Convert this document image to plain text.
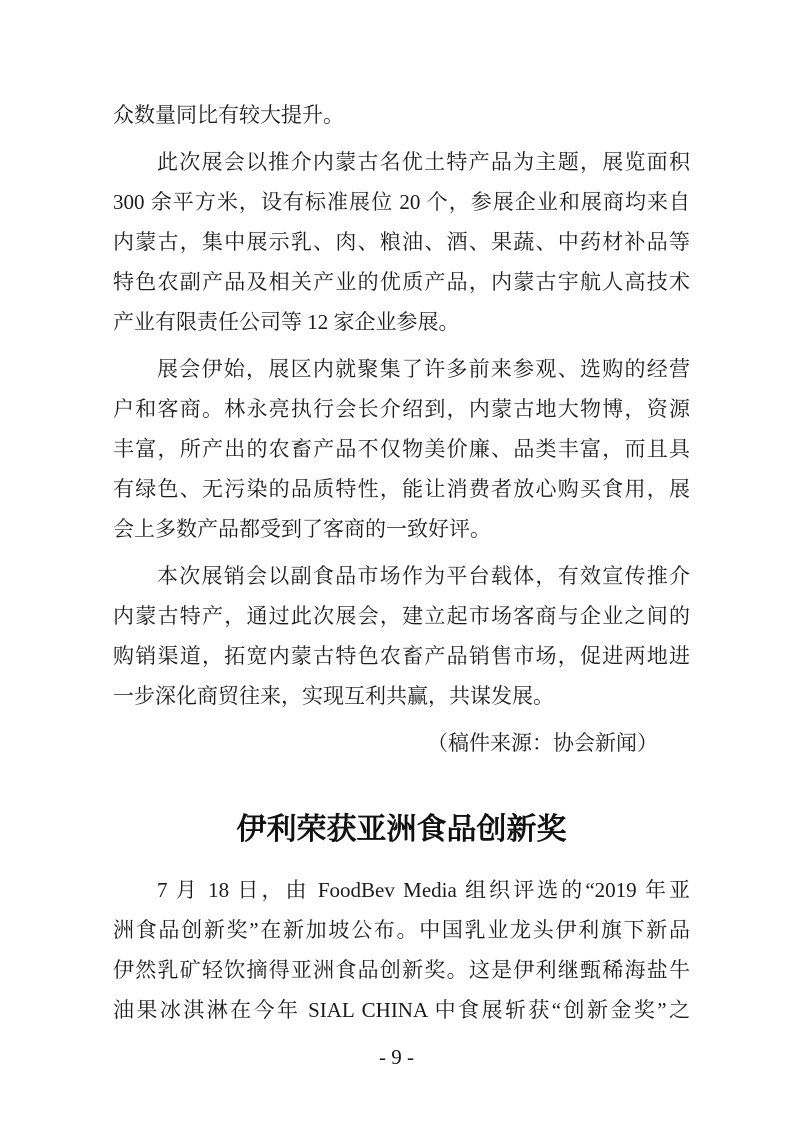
众数量同比有较大提升。
此次展会以推介内蒙古名优土特产品为主题，展览面积
300 余平方米，设有标准展位 20 个，参展企业和展商均来自
内蒙古，集中展示乳、肉、粮油、酒、果蔬、中药材补品等
特色农副产品及相关产业的优质产品，内蒙古宇航人高技术
产业有限责任公司等 12 家企业参展。
展会伊始，展区内就聚集了许多前来参观、选购的经营
户和客商。林永亮执行会长介绍到，内蒙古地大物博，资源
丰富，所产出的农畜产品不仅物美价廉、品类丰富，而且具
有绿色、无污染的品质特性，能让消费者放心购买食用，展
会上多数产品都受到了客商的一致好评。
本次展销会以副食品市场作为平台载体，有效宣传推介
内蒙古特产，通过此次展会，建立起市场客商与企业之间的
购销渠道，拓宽内蒙古特色农畜产品销售市场，促进两地进
一步深化商贸往来，实现互利共赢，共谋发展。
（稿件来源：协会新闻）
伊利荣获亚洲食品创新奖
7 月 18 日，由 FoodBev Media 组织评选的“2019 年亚
洲食品创新奖”在新加坡公布。中国乳业龙头伊利旗下新品
伊然乳矿轻饮摘得亚洲食品创新奖。这是伊利继甄稀海盐牛
油果冰淇淋在今年 SIAL CHINA 中食展斩获“创新金奖”之
- 9 -
